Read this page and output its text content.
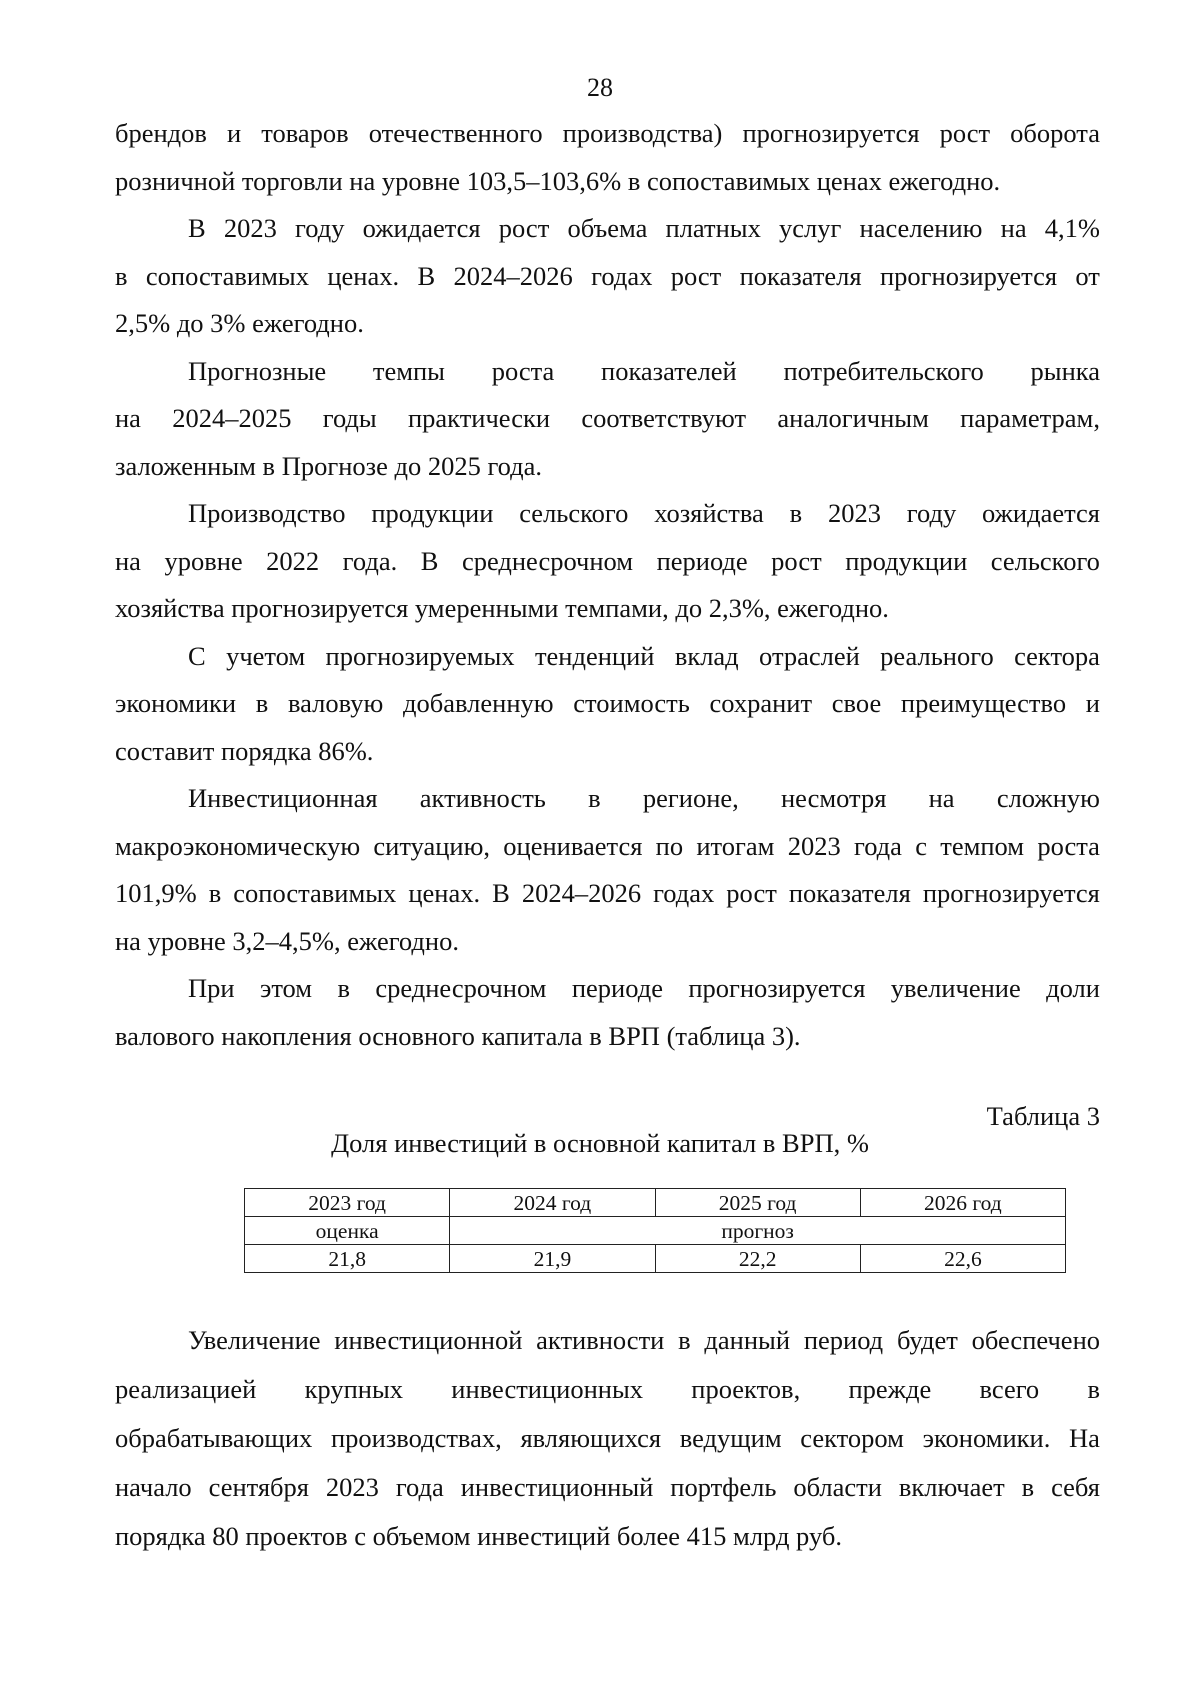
28
брендов и товаров отечественного производства) прогнозируется рост оборота
розничной торговли на уровне 103,5–103,6% в сопоставимых ценах ежегодно.
В 2023 году ожидается рост объема платных услуг населению на 4,1%
в сопоставимых ценах. В 2024–2026 годах рост показателя прогнозируется от
2,5% до 3% ежегодно.
Прогнозные темпы роста показателей потребительского рынка
на 2024–2025 годы практически соответствуют аналогичным параметрам,
заложенным в Прогнозе до 2025 года.
Производство продукции сельского хозяйства в 2023 году ожидается
на уровне 2022 года. В среднесрочном периоде рост продукции сельского
хозяйства прогнозируется умеренными темпами, до 2,3%, ежегодно.
С учетом прогнозируемых тенденций вклад отраслей реального сектора
экономики в валовую добавленную стоимость сохранит свое преимущество и
составит порядка 86%.
Инвестиционная активность в регионе, несмотря на сложную
макроэкономическую ситуацию, оценивается по итогам 2023 года с темпом роста
101,9% в сопоставимых ценах. В 2024–2026 годах рост показателя прогнозируется
на уровне 3,2–4,5%, ежегодно.
При этом в среднесрочном периоде прогнозируется увеличение доли
валового накопления основного капитала в ВРП (таблица 3).
Таблица 3
Доля инвестиций в основной капитал в ВРП, %
2023 год	2024 год	2025 год	2026 год
оценка	прогноз		
21,8	21,9	22,2	22,6
Увеличение инвестиционной активности в данный период будет обеспечено
реализацией крупных инвестиционных проектов, прежде всего в
обрабатывающих производствах, являющихся ведущим сектором экономики. На
начало сентября 2023 года инвестиционный портфель области включает в себя
порядка 80 проектов с объемом инвестиций более 415 млрд руб.
